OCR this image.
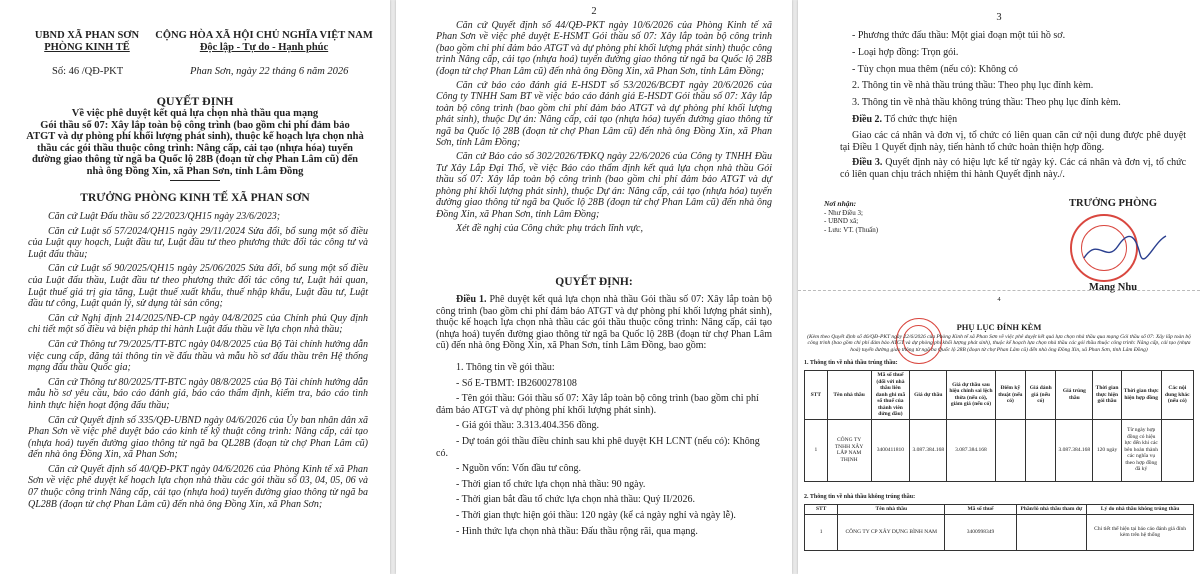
UBND XÃ PHAN SƠN
PHÒNG KINH TẾ
CỘNG HÒA XÃ HỘI CHỦ NGHĨA VIỆT NAM
Độc lập - Tự do - Hạnh phúc
Số: 46 /QĐ-PKT	Phan Sơn, ngày 22 tháng 6 năm 2026
QUYẾT ĐỊNH
Về việc phê duyệt kết quả lựa chọn nhà thầu qua mạng
Gói thầu số 07: Xây lắp toàn bộ công trình (bao gồm chi phí đảm bảo
ATGT và dự phòng phí khối lượng phát sinh), thuộc kế hoạch lựa chọn nhà
thầu các gói thầu thuộc công trình: Nâng cấp, cải tạo (nhựa hóa) tuyến
đường giao thông từ ngã ba Quốc lộ 28B (đoạn từ chợ Phan Lâm cũ) đến
nhà ông Đồng Xin, xã Phan Sơn, tỉnh Lâm Đồng
TRƯỞNG PHÒNG KINH TẾ XÃ PHAN SƠN
Căn cứ Luật Đấu thầu số 22/2023/QH15 ngày 23/6/2023;
Căn cứ Luật số 57/2024/QH15 ngày 29/11/2024 Sửa đổi, bổ sung một số điều của Luật quy hoạch, Luật đầu tư, Luật đầu tư theo phương thức đối tác công tư và Luật đấu thầu;
Căn cứ Luật số 90/2025/QH15 ngày 25/06/2025 Sửa đổi, bổ sung một số điều của Luật đấu thầu, Luật đầu tư theo phương thức đối tác công tư, Luật hải quan, Luật thuế giá trị gia tăng, Luật thuế xuất khẩu, thuế nhập khẩu, Luật đầu tư, Luật đầu tư công, Luật quản lý, sử dụng tài sản công;
Căn cứ Nghị định 214/2025/NĐ-CP ngày 04/8/2025 của Chính phủ Quy định chi tiết một số điều và biện pháp thi hành Luật đấu thầu về lựa chọn nhà thầu;
Căn cứ Thông tư 79/2025/TT-BTC ngày 04/8/2025 của Bộ Tài chính hướng dẫn việc cung cấp, đăng tải thông tin về đấu thầu và mẫu hồ sơ đấu thầu trên Hệ thống mạng đấu thầu Quốc gia;
Căn cứ Thông tư 80/2025/TT-BTC ngày 08/8/2025 của Bộ Tài chính hướng dẫn mẫu hồ sơ yêu cầu, báo cáo đánh giá, báo cáo thẩm định, kiểm tra, báo cáo tình hình thực hiện hoạt động đấu thầu;
Căn cứ Quyết định số 335/QĐ-UBND ngày 04/6/2026 của Ủy ban nhân dân xã Phan Sơn về việc phê duyệt báo cáo kinh tế kỹ thuật công trình: Nâng cấp, cải tạo (nhựa hoá) tuyến đường giao thông từ ngã ba QL28B (đoạn từ chợ Phan Lâm cũ) đến nhà ông Đồng Xin, xã Phan Sơn;
Căn cứ Quyết định số 40/QĐ-PKT ngày 04/6/2026 của Phòng Kinh tế xã Phan Sơn về việc phê duyệt kế hoạch lựa chọn nhà thầu các gói thầu số 03, 04, 05, 06 và 07 thuộc công trình Nâng cấp, cải tạo (nhựa hoá) tuyến đường giao thông từ ngã ba QL28B (đoạn từ chợ Phan Lâm cũ) đến nhà ông Đồng Xin, xã Phan Sơn;
2
Căn cứ Quyết định số 44/QĐ-PKT ngày 10/6/2026 của Phòng Kinh tế xã Phan Sơn về việc phê duyệt E-HSMT Gói thầu số 07: Xây lắp toàn bộ công trình (bao gồm chi phí đảm bảo ATGT và dự phòng phí khối lượng phát sinh) thuộc công trình Nâng cấp, cải tạo (nhựa hoá) tuyến đường giao thông từ ngã ba Quốc lộ 28B (đoạn từ chợ Phan Lâm cũ) đến nhà ông Đồng Xin, xã Phan Sơn, tỉnh Lâm Đồng;
Căn cứ báo cáo đánh giá E-HSDT số 53/2026/BCĐT ngày 20/6/2026 của Công ty TNHH Sam BT về việc báo cáo đánh giá E-HSDT Gói thầu số 07: Xây lắp toàn bộ công trình (bao gồm chi phí đảm bảo ATGT và dự phòng phí khối lượng phát sinh), thuộc Dự án: Nâng cấp, cải tạo (nhựa hóa) tuyến đường giao thông từ ngã ba Quốc lộ 28B (đoạn từ chợ Phan Lâm cũ) đến nhà ông Đồng Xin, xã Phan Sơn, tỉnh Lâm Đồng;
Căn cứ Báo cáo số 302/2026/TĐKQ ngày 22/6/2026 của Công ty TNHH Đầu Tư Xây Lắp Đại Thổ, về việc Báo cáo thẩm định kết quả lựa chọn nhà thầu Gói thầu số 07: Xây lắp toàn bộ công trình (bao gồm chi phí đảm bảo ATGT và dự phòng phí khối lượng phát sinh), thuộc Dự án: Nâng cấp, cải tạo (nhựa hóa) tuyến đường giao thông từ ngã ba Quốc lộ 28B (đoạn từ chợ Phan Lâm cũ) đến nhà ông Đồng Xin, xã Phan Sơn, tỉnh Lâm Đồng;
Xét đề nghị của Công chức phụ trách lĩnh vực,
QUYẾT ĐỊNH:
Điều 1. Phê duyệt kết quả lựa chọn nhà thầu Gói thầu số 07: Xây lắp toàn bộ công trình (bao gồm chi phí đảm bảo ATGT và dự phòng phí khối lượng phát sinh), thuộc kế hoạch lựa chọn nhà thầu các gói thầu thuộc công trình: Nâng cấp, cải tạo (nhựa hoá) tuyến đường giao thông từ ngã ba Quốc lộ 28B (đoạn từ chợ Phan Lâm cũ) đến nhà ông Đồng Xin, xã Phan Sơn, tỉnh Lâm Đồng, bao gồm:
1. Thông tin về gói thầu:
- Số E-TBMT: IB2600278108
- Tên gói thầu: Gói thầu số 07: Xây lắp toàn bộ công trình (bao gồm chi phí đảm bảo ATGT và dự phòng phí khối lượng phát sinh).
- Giá gói thầu: 3.313.404.356 đồng.
- Dự toán gói thầu điều chỉnh sau khi phê duyệt KH LCNT (nếu có): Không có.
- Nguồn vốn: Vốn đầu tư công.
- Thời gian tổ chức lựa chọn nhà thầu: 90 ngày.
- Thời gian bắt đầu tổ chức lựa chọn nhà thầu: Quý II/2026.
- Thời gian thực hiện gói thầu: 120 ngày (kể cả ngày nghỉ và ngày lễ).
- Hình thức lựa chọn nhà thầu: Đấu thầu rộng rãi, qua mạng.
3
- Phương thức đấu thầu: Một giai đoạn một túi hồ sơ.
- Loại hợp đồng: Trọn gói.
- Tùy chọn mua thêm (nếu có): Không có
2. Thông tin về nhà thầu trúng thầu: Theo phụ lục đính kèm.
3. Thông tin về nhà thầu không trúng thầu: Theo phụ lục đính kèm.
Điều 2. Tổ chức thực hiện
Giao các cá nhân và đơn vị, tổ chức có liên quan căn cứ nội dung được phê duyệt tại Điều 1 Quyết định này, tiến hành tổ chức hoàn thiện hợp đồng.
Điều 3. Quyết định này có hiệu lực kể từ ngày ký. Các cá nhân và đơn vị, tổ chức có liên quan chịu trách nhiệm thi hành Quyết định này./.
Nơi nhận:
- Như Điều 3;
- UBND xã;
- Lưu: VT. (Thuấn)
TRƯỞNG PHÒNG
Mang Nhu
4
PHỤ LỤC ĐÍNH KÈM
(Kèm theo Quyết định số 46/QĐ-PKT ngày 22/6/2026 của Phòng Kinh tế xã Phan Sơn về việc phê duyệt kết quả lựa chọn nhà thầu qua mạng Gói thầu số 07: Xây lắp toàn bộ công trình (bao gồm chi phí đảm bảo ATGT và dự phòng phí khối lượng phát sinh), thuộc kế hoạch lựa chọn nhà thầu các gói thầu thuộc công trình: Nâng cấp, cải tạo (nhựa hoá) tuyến đường giao thông từ ngã ba Quốc lộ 28B (đoạn từ chợ Phan Lâm cũ) đến nhà ông Đồng Xin, xã Phan Sơn, tỉnh Lâm Đồng)
1. Thông tin về nhà thầu trúng thầu:
STT	Tên nhà thầu	Mã số thuế (đối với nhà thầu liên danh ghi mã số thuế của thành viên đứng đầu)	Giá dự thầu	Giá dự thầu sau hiệu chỉnh sai lệch thừa (nếu có), giảm giá (nếu có)	Điểm kỹ thuật (nếu có)	Giá đánh giá (nếu có)	Giá trúng thầu	Thời gian thực hiện gói thầu	Thời gian thực hiện hợp đồng	Các nội dung khác (nếu có)
1	CÔNG TY TNHH XÂY LẮP NAM THỊNH	3400411810	3.087.384.168	3.087.384.168			3.087.384.168	120 ngày	Từ ngày hợp đồng có hiệu lực đến khi các bên hoàn thành các nghĩa vụ theo hợp đồng đã ký	
2. Thông tin về nhà thầu không trúng thầu:
STT	Tên nhà thầu	Mã số thuế	Phần/lô nhà thầu tham dự	Lý do nhà thầu không trúng thầu
1	CÔNG TY CP XÂY DỰNG BÌNH NAM	3400998349		Chi tiết thể hiện tại báo cáo đánh giá đính kèm trên hệ thống
